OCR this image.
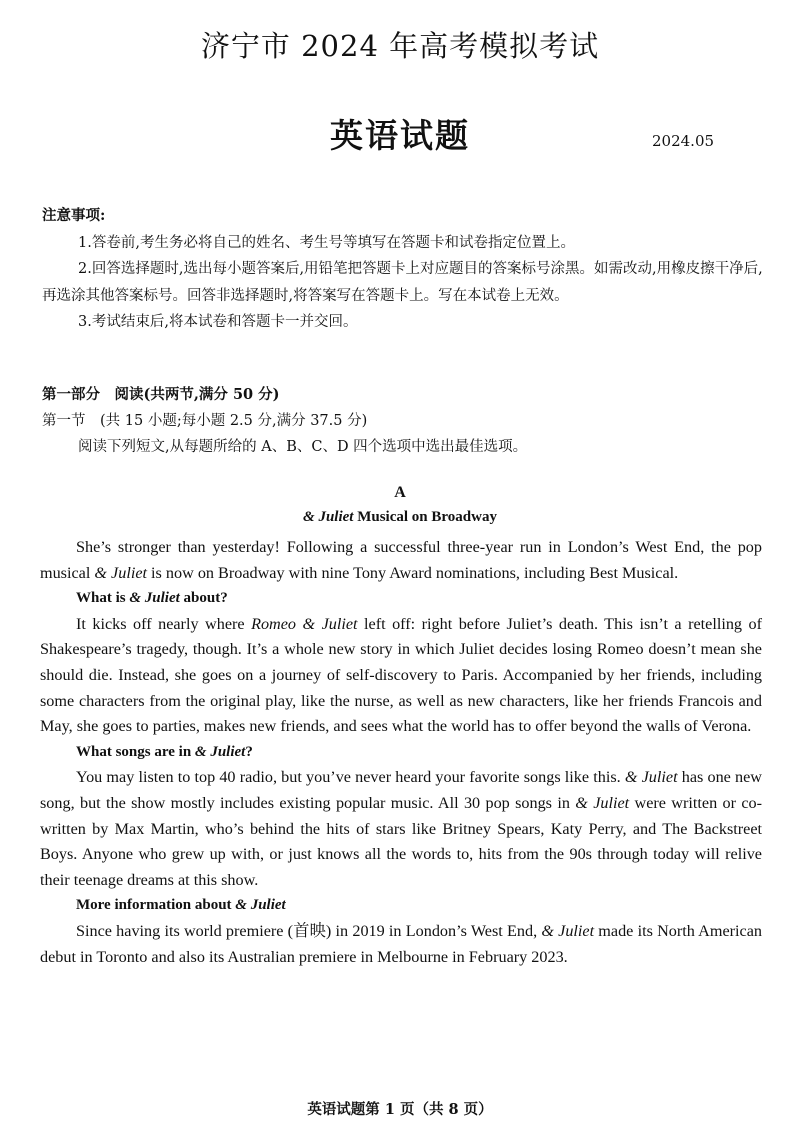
济宁市 2024 年高考模拟考试
英语试题	2024.05

注意事项:

1.答卷前,考生务必将自己的姓名、考生号等填写在答题卡和试卷指定位置上。

2.回答选择题时,选出每小题答案后,用铅笔把答题卡上对应题目的答案标号涂黑。如需改动,用橡皮擦干净后,再选涂其他答案标号。回答非选择题时,将答案写在答题卡上。写在本试卷上无效。

3.考试结束后,将本试卷和答题卡一并交回。

第一部分　阅读(共两节,满分 50 分)

第一节　(共 15 小题;每小题 2.5 分,满分 37.5 分)

阅读下列短文,从每题所给的 A、B、C、D 四个选项中选出最佳选项。

A
& Juliet Musical on Broadway

She’s stronger than yesterday! Following a successful three-year run in London’s West End, the pop musical & Juliet is now on Broadway with nine Tony Award nominations, including Best Musical.

What is & Juliet about?

It kicks off nearly where Romeo & Juliet left off: right before Juliet’s death. This isn’t a retelling of Shakespeare’s tragedy, though. It’s a whole new story in which Juliet decides losing Romeo doesn’t mean she should die. Instead, she goes on a journey of self-discovery to Paris. Accompanied by her friends, including some characters from the original play, like the nurse, as well as new characters, like her friends Francois and May, she goes to parties, makes new friends, and sees what the world has to offer beyond the walls of Verona.

What songs are in & Juliet?

You may listen to top 40 radio, but you’ve never heard your favorite songs like this. & Juliet has one new song, but the show mostly includes existing popular music. All 30 pop songs in & Juliet were written or co-written by Max Martin, who’s behind the hits of stars like Britney Spears, Katy Perry, and The Backstreet Boys. Anyone who grew up with, or just knows all the words to, hits from the 90s through today will relive their teenage dreams at this show.

More information about & Juliet

Since having its world premiere (首映) in 2019 in London’s West End, & Juliet made its North American debut in Toronto and also its Australian premiere in Melbourne in February 2023.

英语试题第 1 页（共 8 页）
